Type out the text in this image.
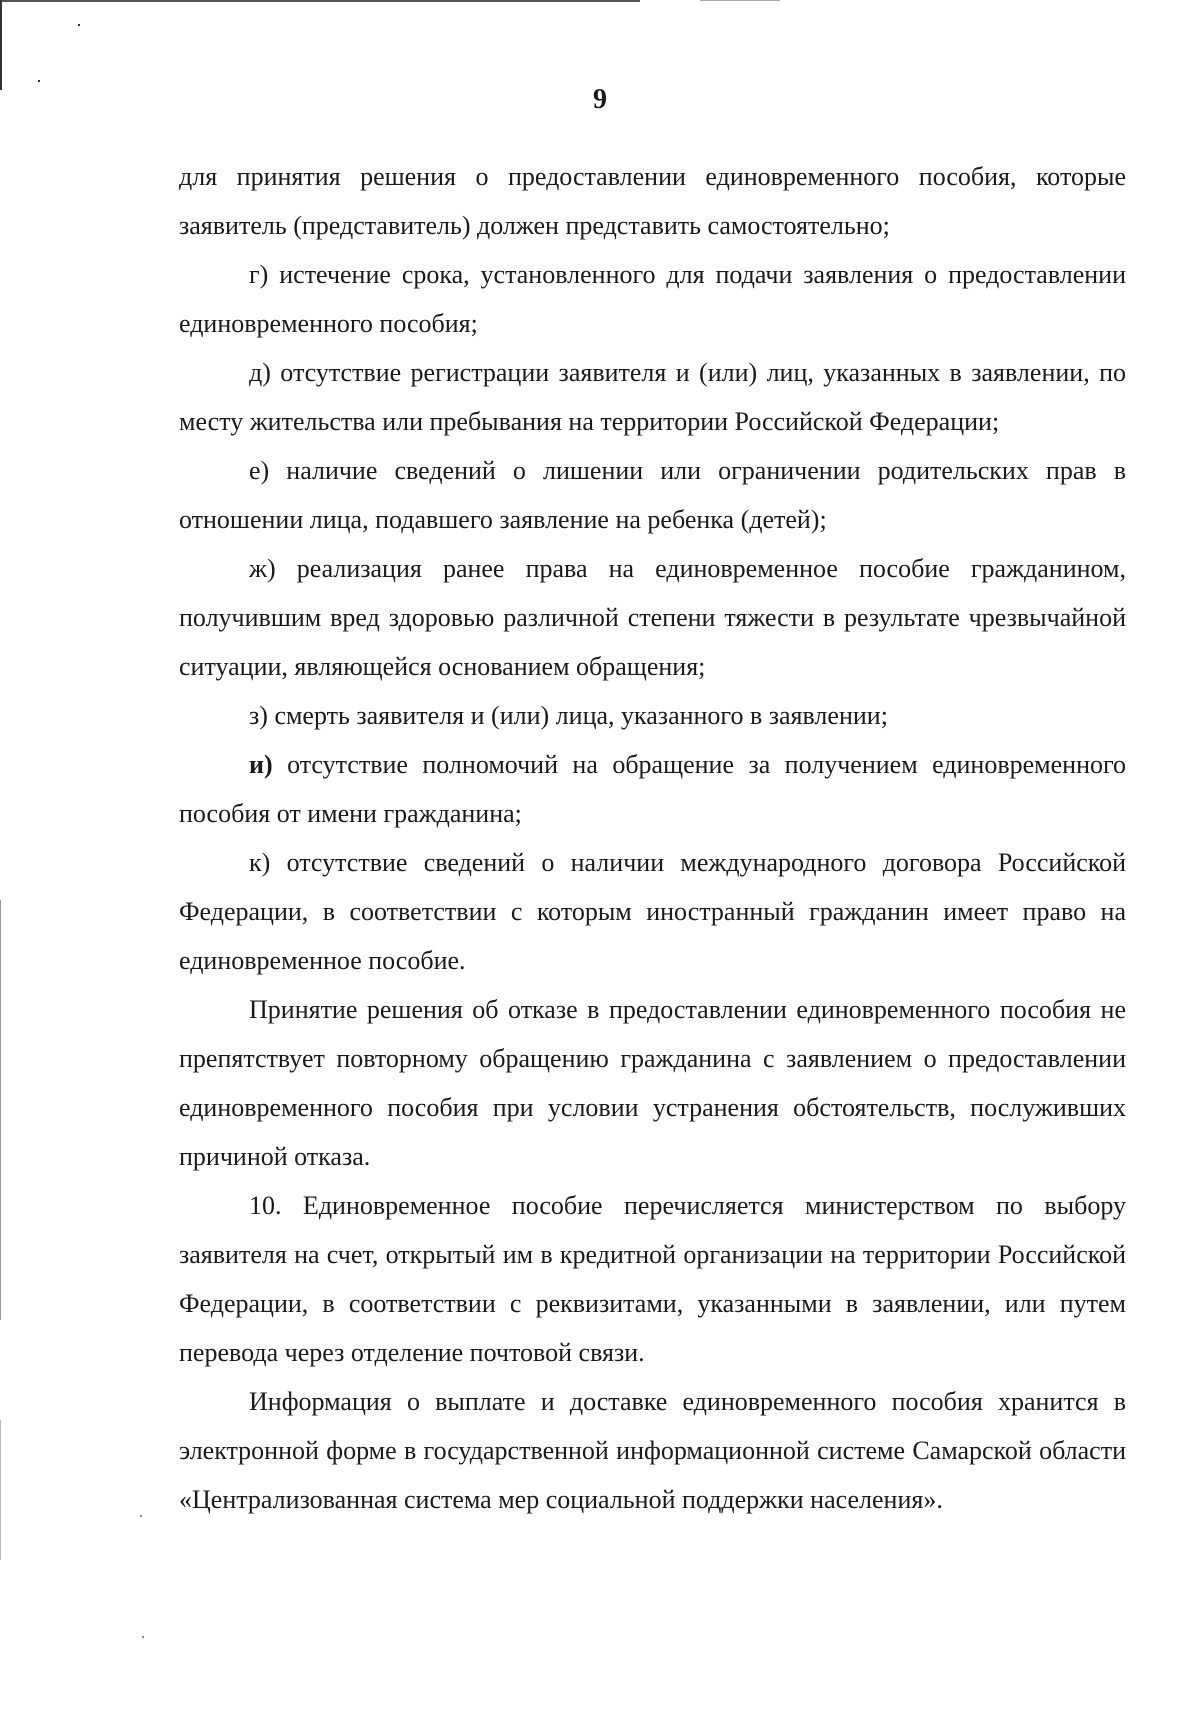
9

для принятия решения о предоставлении единовременного пособия, которые заявитель (представитель) должен представить самостоятельно;

г) истечение срока, установленного для подачи заявления о предоставлении единовременного пособия;

д) отсутствие регистрации заявителя и (или) лиц, указанных в заявлении, по месту жительства или пребывания на территории Российской Федерации;

е) наличие сведений о лишении или ограничении родительских прав в отношении лица, подавшего заявление на ребенка (детей);

ж) реализация ранее права на единовременное пособие гражданином, получившим вред здоровью различной степени тяжести в результате чрезвычайной ситуации, являющейся основанием обращения;

з) смерть заявителя и (или) лица, указанного в заявлении;

и) отсутствие полномочий на обращение за получением единовременного пособия от имени гражданина;

к) отсутствие сведений о наличии международного договора Российской Федерации, в соответствии с которым иностранный гражданин имеет право на единовременное пособие.

Принятие решения об отказе в предоставлении единовременного пособия не препятствует повторному обращению гражданина с заявлением о предоставлении единовременного пособия при условии устранения обстоятельств, послуживших причиной отказа.

10. Единовременное пособие перечисляется министерством по выбору заявителя на счет, открытый им в кредитной организации на территории Российской Федерации, в соответствии с реквизитами, указанными в заявлении, или путем перевода через отделение почтовой связи.

Информация о выплате и доставке единовременного пособия хранится в электронной форме в государственной информационной системе Самарской области «Централизованная система мер социальной поддержки населения».
